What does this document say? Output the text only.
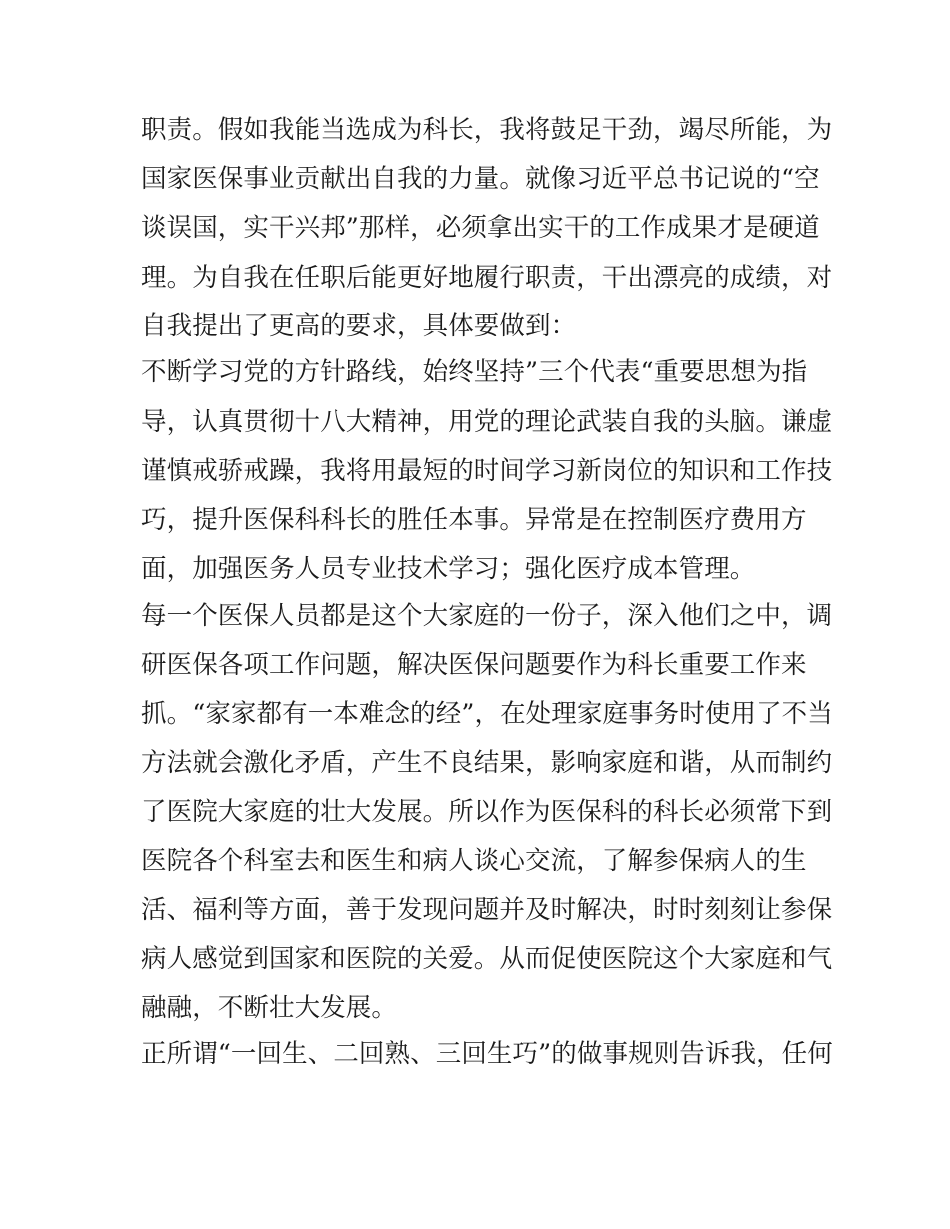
职责。假如我能当选成为科长，我将鼓足干劲，竭尽所能，为
国家医保事业贡献出自我的力量。就像习近平总书记说的“空
谈误国，实干兴邦”那样，必须拿出实干的工作成果才是硬道
理。为自我在任职后能更好地履行职责，干出漂亮的成绩，对
自我提出了更高的要求，具体要做到：
不断学习党的方针路线，始终坚持”三个代表“重要思想为指
导，认真贯彻十八大精神，用党的理论武装自我的头脑。谦虚
谨慎戒骄戒躁，我将用最短的时间学习新岗位的知识和工作技
巧，提升医保科科长的胜任本事。异常是在控制医疗费用方
面，加强医务人员专业技术学习；强化医疗成本管理。
每一个医保人员都是这个大家庭的一份子，深入他们之中，调
研医保各项工作问题，解决医保问题要作为科长重要工作来
抓。“家家都有一本难念的经”，在处理家庭事务时使用了不当
方法就会激化矛盾，产生不良结果，影响家庭和谐，从而制约
了医院大家庭的壮大发展。所以作为医保科的科长必须常下到
医院各个科室去和医生和病人谈心交流，了解参保病人的生
活、福利等方面，善于发现问题并及时解决，时时刻刻让参保
病人感觉到国家和医院的关爱。从而促使医院这个大家庭和气
融融，不断壮大发展。
正所谓“一回生、二回熟、三回生巧”的做事规则告诉我，任何
